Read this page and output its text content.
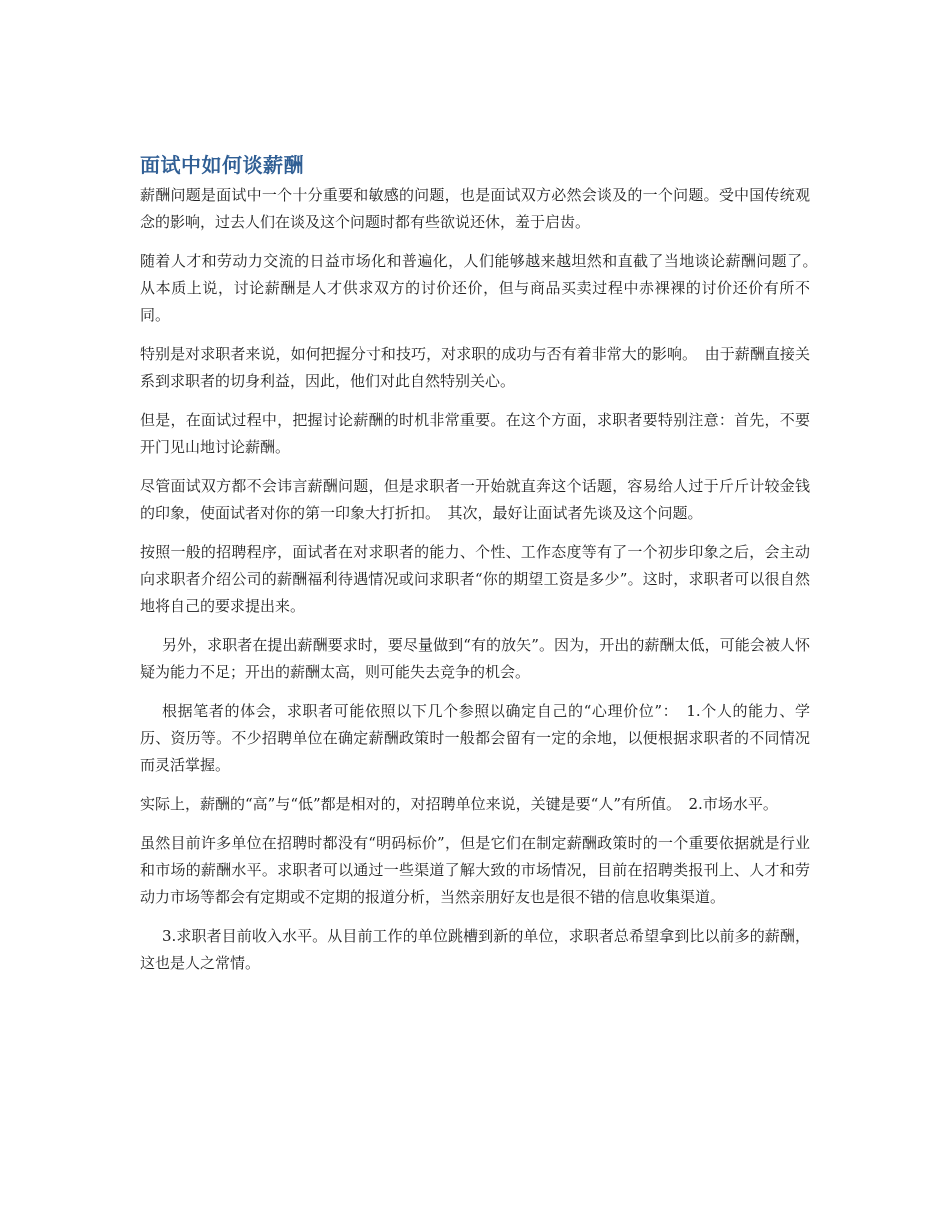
面试中如何谈薪酬

薪酬问题是面试中一个十分重要和敏感的问题，也是面试双方必然会谈及的一个问题。受中国传统观念的影响，过去人们在谈及这个问题时都有些欲说还休，羞于启齿。

随着人才和劳动力交流的日益市场化和普遍化，人们能够越来越坦然和直截了当地谈论薪酬问题了。　从本质上说，讨论薪酬是人才供求双方的讨价还价，但与商品买卖过程中赤裸裸的讨价还价有所不同。

特别是对求职者来说，如何把握分寸和技巧，对求职的成功与否有着非常大的影响。　由于薪酬直接关系到求职者的切身利益，因此，他们对此自然特别关心。

但是，在面试过程中，把握讨论薪酬的时机非常重要。在这个方面，求职者要特别注意：首先，不要开门见山地讨论薪酬。

尽管面试双方都不会讳言薪酬问题，但是求职者一开始就直奔这个话题，容易给人过于斤斤计较金钱的印象，使面试者对你的第一印象大打折扣。　其次，最好让面试者先谈及这个问题。

按照一般的招聘程序，面试者在对求职者的能力、个性、工作态度等有了一个初步印象之后，会主动向求职者介绍公司的薪酬福利待遇情况或问求职者“你的期望工资是多少”。这时，求职者可以很自然地将自己的要求提出来。

另外，求职者在提出薪酬要求时，要尽量做到“有的放矢”。因为，开出的薪酬太低，可能会被人怀疑为能力不足；开出的薪酬太高，则可能失去竞争的机会。

根据笔者的体会，求职者可能依照以下几个参照以确定自己的“心理价位”：　1.个人的能力、学历、资历等。不少招聘单位在确定薪酬政策时一般都会留有一定的余地，以便根据求职者的不同情况而灵活掌握。

实际上，薪酬的“高”与“低”都是相对的，对招聘单位来说，关键是要“人”有所值。　2.市场水平。

虽然目前许多单位在招聘时都没有“明码标价”，但是它们在制定薪酬政策时的一个重要依据就是行业和市场的薪酬水平。求职者可以通过一些渠道了解大致的市场情况，目前在招聘类报刊上、人才和劳动力市场等都会有定期或不定期的报道分析，当然亲朋好友也是很不错的信息收集渠道。

3.求职者目前收入水平。从目前工作的单位跳槽到新的单位，求职者总希望拿到比以前多的薪酬，这也是人之常情。
